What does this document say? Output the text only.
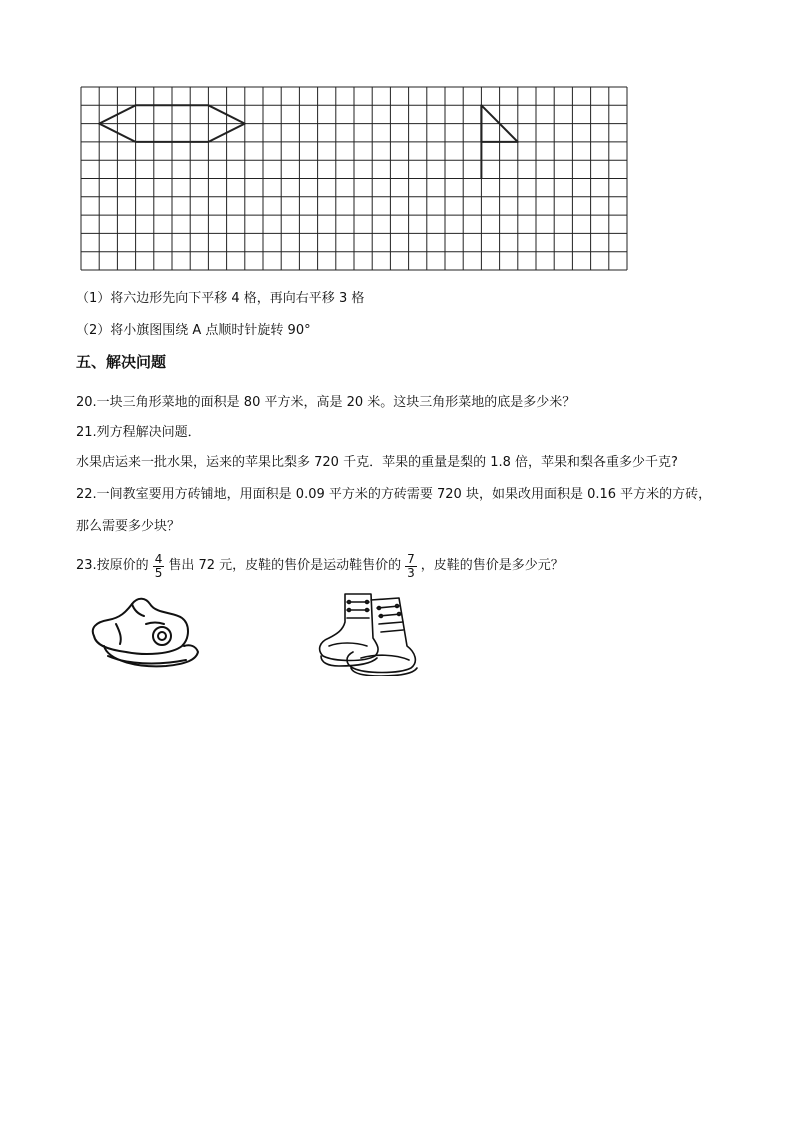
（1）将六边形先向下平移 4 格，再向右平移 3 格
（2）将小旗图围绕 A 点顺时针旋转 90°
五、解决问题
20.一块三角形菜地的面积是 80 平方米，高是 20 米。这块三角形菜地的底是多少米？
21.列方程解决问题．
水果店运来一批水果，运来的苹果比梨多 720 千克．苹果的重量是梨的 1.8 倍，苹果和梨各重多少千克?
22.一间教室要用方砖铺地，用面积是 0.09 平方米的方砖需要 720 块，如果改用面积是 0.16 平方米的方砖，
那么需要多少块？
23.按原价的 $\frac{4}{5}$ 售出 72 元，皮鞋的售价是运动鞋售价的 $\frac{7}{3}$ ，皮鞋的售价是多少元？
